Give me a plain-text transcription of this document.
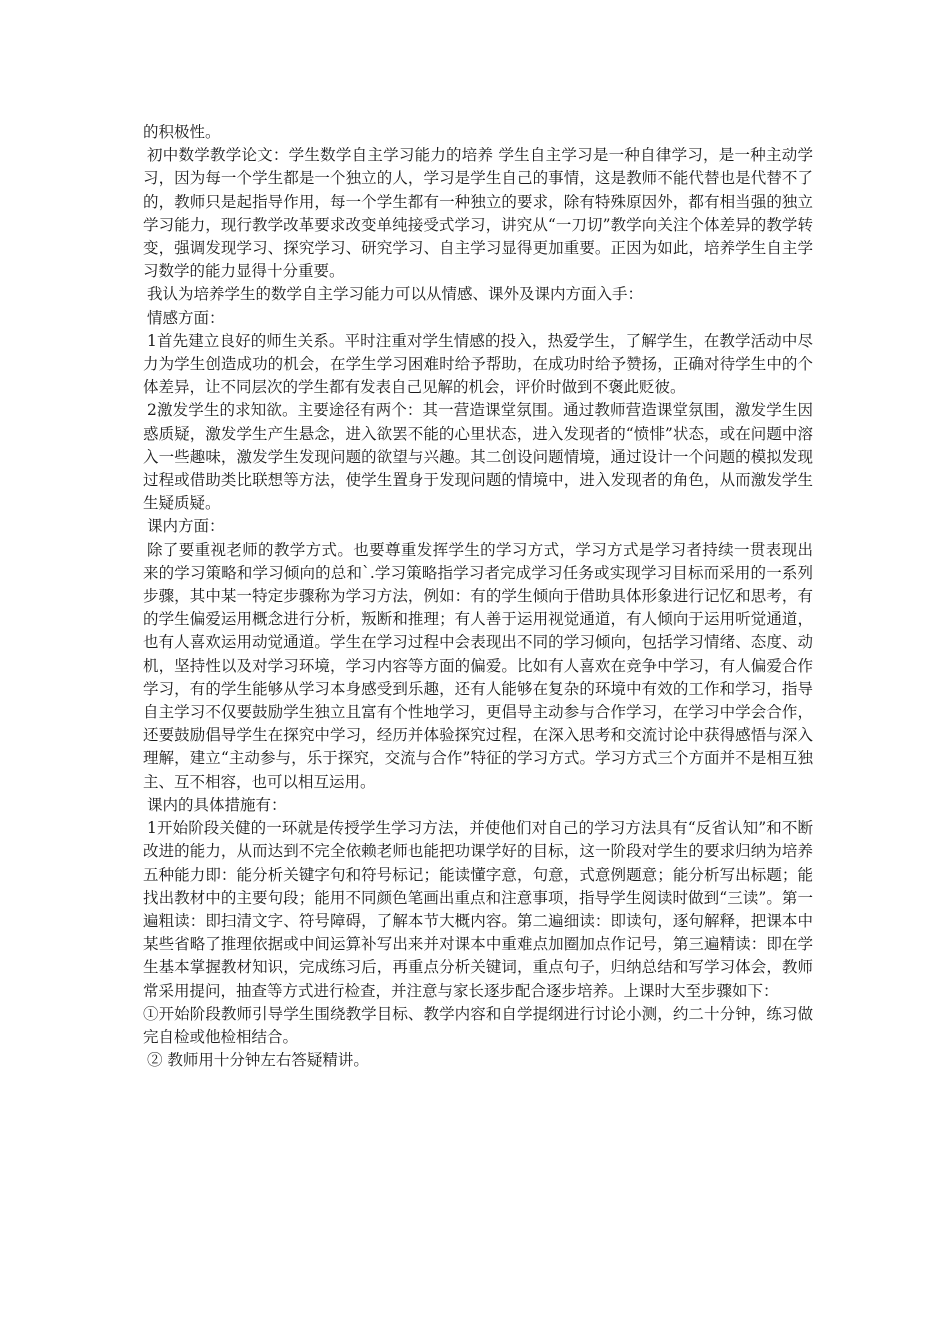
的积极性。

初中数学教学论文：学生数学自主学习能力的培养 学生自主学习是一种自律学习，是一种主动学习，因为每一个学生都是一个独立的人，学习是学生自己的事情，这是教师不能代替也是代替不了的，教师只是起指导作用，每一个学生都有一种独立的要求，除有特殊原因外，都有相当强的独立学习能力，现行教学改革要求改变单纯接受式学习，讲究从“一刀切”教学向关注个体差异的教学转变，强调发现学习、探究学习、研究学习、自主学习显得更加重要。正因为如此，培养学生自主学习数学的能力显得十分重要。

我认为培养学生的数学自主学习能力可以从情感、课外及课内方面入手：

情感方面：

1首先建立良好的师生关系。平时注重对学生情感的投入，热爱学生，了解学生，在教学活动中尽力为学生创造成功的机会，在学生学习困难时给予帮助，在成功时给予赞扬，正确对待学生中的个体差异，让不同层次的学生都有发表自己见解的机会，评价时做到不褒此贬彼。

2激发学生的求知欲。主要途径有两个：其一营造课堂氛围。通过教师营造课堂氛围，激发学生因惑质疑，激发学生产生悬念，进入欲罢不能的心里状态，进入发现者的“愤悱”状态，或在问题中溶入一些趣味，激发学生发现问题的欲望与兴趣。其二创设问题情境，通过设计一个问题的模拟发现过程或借助类比联想等方法，使学生置身于发现问题的情境中，进入发现者的角色，从而激发学生生疑质疑。

课内方面：

除了要重视老师的教学方式。也要尊重发挥学生的学习方式，学习方式是学习者持续一贯表现出来的学习策略和学习倾向的总和`.学习策略指学习者完成学习任务或实现学习目标而采用的一系列步骤，其中某一特定步骤称为学习方法，例如：有的学生倾向于借助具体形象进行记忆和思考，有的学生偏爱运用概念进行分析，叛断和推理；有人善于运用视觉通道，有人倾向于运用听觉通道，也有人喜欢运用动觉通道。学生在学习过程中会表现出不同的学习倾向，包括学习情绪、态度、动机，坚持性以及对学习环境，学习内容等方面的偏爱。比如有人喜欢在竞争中学习，有人偏爱合作学习，有的学生能够从学习本身感受到乐趣，还有人能够在复杂的环境中有效的工作和学习，指导自主学习不仅要鼓励学生独立且富有个性地学习，更倡导主动参与合作学习，在学习中学会合作，还要鼓励倡导学生在探究中学习，经历并体验探究过程，在深入思考和交流讨论中获得感悟与深入理解，建立“主动参与，乐于探究，交流与合作”特征的学习方式。学习方式三个方面并不是相互独主、互不相容，也可以相互运用。

课内的具体措施有：

1开始阶段关健的一环就是传授学生学习方法，并使他们对自己的学习方法具有“反省认知”和不断改进的能力，从而达到不完全依赖老师也能把功课学好的目标，这一阶段对学生的要求归纳为培养五种能力即：能分析关键字句和符号标记；能读懂字意，句意，式意例题意；能分析写出标题；能找出教材中的主要句段；能用不同颜色笔画出重点和注意事项，指导学生阅读时做到“三读”。第一遍粗读：即扫清文字、符号障碍，了解本节大概内容。第二遍细读：即读句，逐句解释，把课本中某些省略了推理依据或中间运算补写出来并对课本中重难点加圈加点作记号，第三遍精读：即在学生基本掌握教材知识，完成练习后，再重点分析关键词，重点句子，归纳总结和写学习体会，教师常采用提问，抽查等方式进行检查，并注意与家长逐步配合逐步培养。上课时大至步骤如下：

①开始阶段教师引导学生围绕教学目标、教学内容和自学提纲进行讨论小测，约二十分钟，练习做完自检或他检相结合。

② 教师用十分钟左右答疑精讲。
